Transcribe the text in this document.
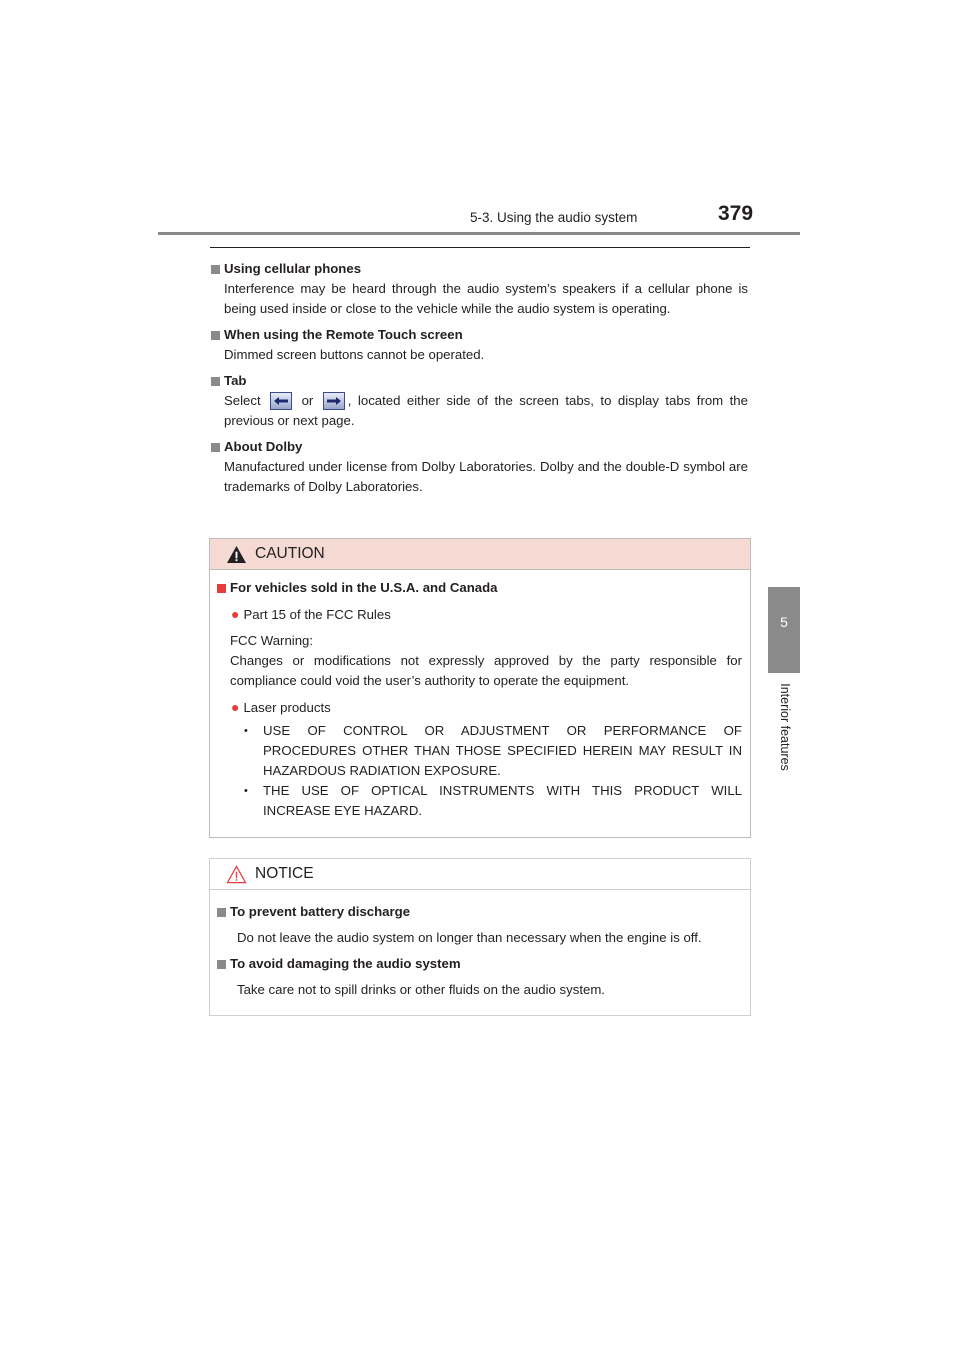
5-3. Using the audio system	379
5
Interior features
Using cellular phones
Interference may be heard through the audio system’s speakers if a cellular phone is being used inside or close to the vehicle while the audio system is operating.
When using the Remote Touch screen
Dimmed screen buttons cannot be operated.
Tab
Select	or	, located either side of the screen tabs, to display tabs from the previous or next page.
About Dolby
Manufactured under license from Dolby Laboratories. Dolby and the double-D symbol are trademarks of Dolby Laboratories.
CAUTION
For vehicles sold in the U.S.A. and Canada
● Part 15 of the FCC Rules
FCC Warning:
Changes or modifications not expressly approved by the party responsible for compliance could void the user’s authority to operate the equipment.
● Laser products
• USE OF CONTROL OR ADJUSTMENT OR PERFORMANCE OF PROCEDURES OTHER THAN THOSE SPECIFIED HEREIN MAY RESULT IN HAZARDOUS RADIATION EXPOSURE.
• THE USE OF OPTICAL INSTRUMENTS WITH THIS PRODUCT WILL INCREASE EYE HAZARD.
NOTICE
To prevent battery discharge
Do not leave the audio system on longer than necessary when the engine is off.
To avoid damaging the audio system
Take care not to spill drinks or other fluids on the audio system.
